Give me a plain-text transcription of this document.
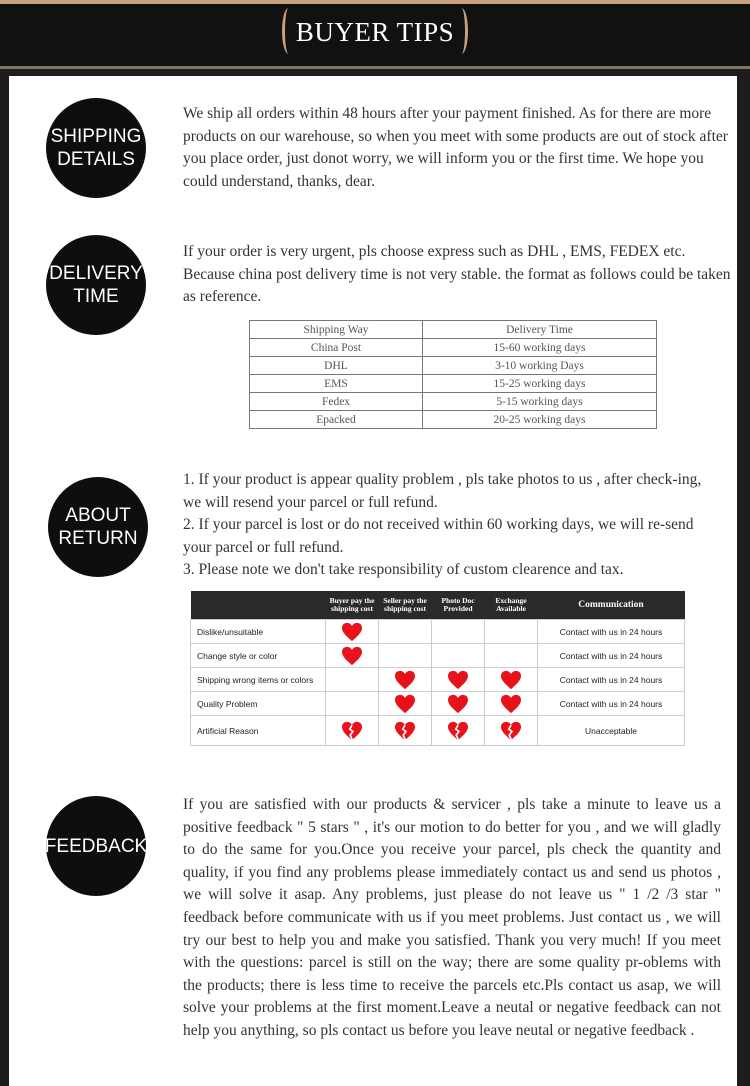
BUYER TIPS
SHIPPING
DETAILS
We ship all orders within 48 hours after your payment finished. As for there are more products on our warehouse, so when you meet with some products are out of stock after you place order, just donot worry, we will inform you or the first time. We hope you could understand, thanks, dear.
DELIVERY
TIME
If your order is very urgent, pls choose express such as DHL , EMS, FEDEX etc. Because china post delivery time is not very stable. the format as follows could be taken as reference.
Shipping Way	Delivery Time
China Post	15-60 working days
DHL	3-10 working Days
EMS	15-25 working days
Fedex	5-15 working days
Epacked	20-25 working days
ABOUT
RETURN
1. If your product is appear quality problem , pls take photos to us , after check-ing, we will resend your parcel or full refund.
2. If your parcel is lost or do not received within 60 working days, we will re-send your parcel or full refund.
3. Please note we don't take responsibility of custom clearence and tax.
	Buyer pay the shipping cost	Seller pay the shipping cost	Photo Doc Provided	Exchange Available	Communication
Dislike/unsuitable					Contact with us in 24 hours
Change style or color					Contact with us in 24 hours
Shipping wrong items or colors					Contact with us in 24 hours
Quality Problem					Contact with us in 24 hours
Artificial Reason					Unacceptable
FEEDBACK
If you are satisfied with our products & servicer , pls take a minute to leave us a positive feedback " 5 stars " , it's our motion to do better for you , and we will gladly to do the same for you.Once you receive your parcel, pls check the quantity and quality, if you find any problems please immediately contact us and send us photos , we will solve it asap. Any problems, just please do not leave us " 1 /2 /3 star " feedback before communicate with us if you meet problems. Just contact us , we will try our best to help you and make you satisfied. Thank you very much! If you meet with the questions: parcel is still on the way; there are some quality pr-oblems with the products; there is less time to receive the parcels etc.Pls contact us asap, we will solve your problems at the first moment.Leave a neutal or negative feedback can not help you anything, so pls contact us before you leave neutal or negative feedback .
